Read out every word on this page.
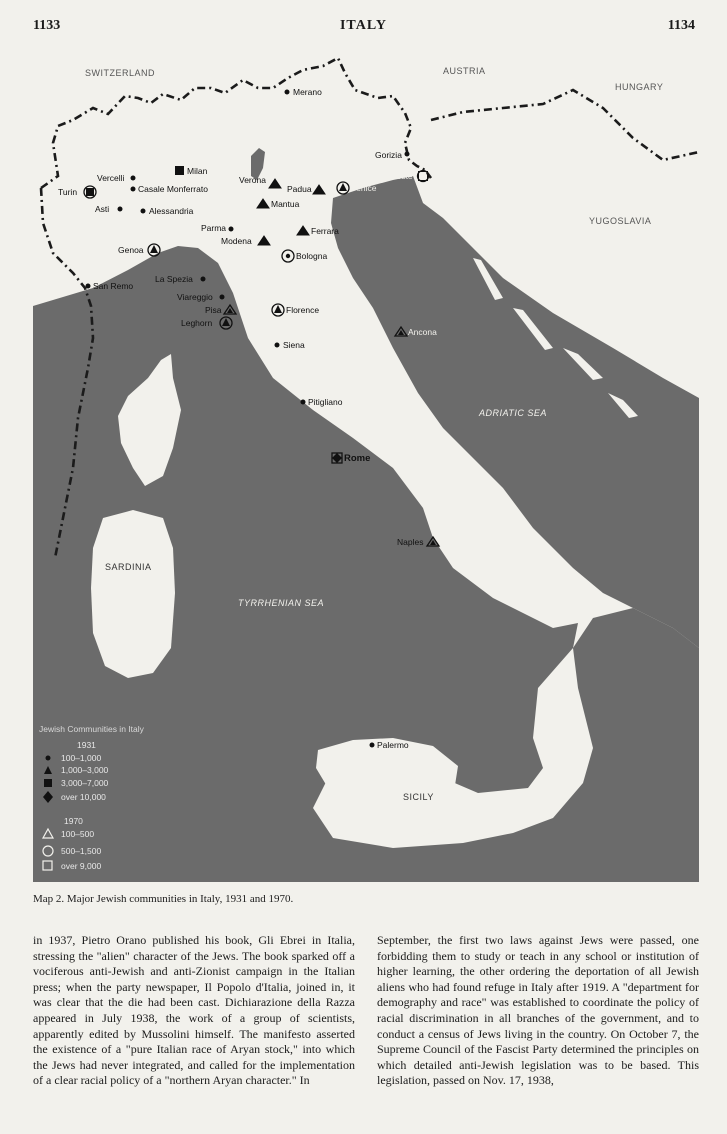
1133	ITALY	1134
SWITZERLAND	AUSTRIA
HUNGARY
YUGOSLAVIA
CORSICA
SARDINIA
SICILY
ADRIATIC SEA
TYRRHENIAN SEA
Merano
Gorizia
Trieste
Milan
Vercelli
Turin	Casale Monferrato
Asti	Alessandria
Verona
Padua	Venice
Mantua
Parma
Modena
Ferrara
Bologna
Genoa
La Spezia
San Remo
Viareggio
Pisa
Leghorn
Florence
Ancona
Siena
Pitigliano
Rome
Naples
Palermo
Jewish Communities in Italy
1931
100–1,000
1,000–3,000
3,000–7,000
over 10,000
1970
100–500
500–1,500
over 9,000
Map 2. Major Jewish communities in Italy, 1931 and 1970.

in 1937, Pietro Orano published his book, Gli Ebrei in Italia, stressing the "alien" character of the Jews. The book sparked off a vociferous anti-Jewish and anti-Zionist campaign in the Italian press; when the party newspaper, Il Popolo d'Italia, joined in, it was clear that the die had been cast. Dichiarazione della Razza appeared in July 1938, the work of a group of scientists, apparently edited by Mussolini himself. The manifesto asserted the existence of a "pure Italian race of Aryan stock," into which the Jews had never integrated, and called for the implementation of a clear racial policy of a "northern Aryan character." In

September, the first two laws against Jews were passed, one forbidding them to study or teach in any school or institution of higher learning, the other ordering the deportation of all Jewish aliens who had found refuge in Italy after 1919. A "department for demography and race" was established to coordinate the policy of racial discrimination in all branches of the government, and to conduct a census of Jews living in the country. On October 7, the Supreme Council of the Fascist Party determined the principles on which detailed anti-Jewish legislation was to be based. This legislation, passed on Nov. 17, 1938,
